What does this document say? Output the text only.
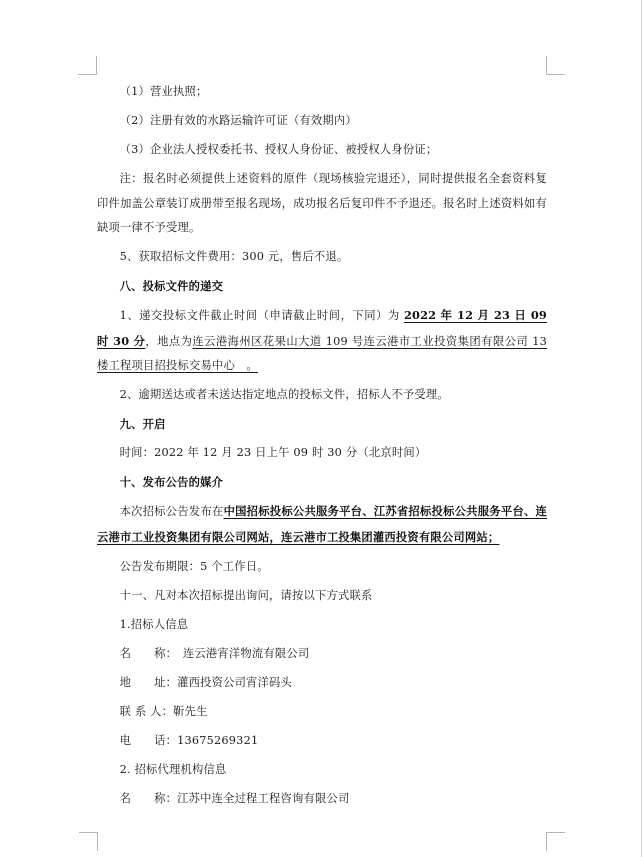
（1）营业执照；

（2）注册有效的水路运输许可证（有效期内）

（3）企业法人授权委托书、授权人身份证、被授权人身份证；

注：报名时必须提供上述资料的原件（现场核验完退还），同时提供报名全套资料复印件加盖公章装订成册带至报名现场，成功报名后复印件不予退还。报名时上述资料如有缺项一律不予受理。

5、获取招标文件费用：300 元，售后不退。

八、投标文件的递交

1、递交投标文件截止时间（申请截止时间，下同）为 2022 年 12 月 23 日 09 时 30 分，地点为连云港海州区花果山大道 109 号连云港市工业投资集团有限公司 13 楼工程项目招投标交易中心　。

2、逾期送达或者未送达指定地点的投标文件，招标人不予受理。

九、开启

时间：2022 年 12 月 23 日上午 09 时 30 分（北京时间）

十、发布公告的媒介

本次招标公告发布在中国招标投标公共服务平台、江苏省招标投标公共服务平台、连云港市工业投资集团有限公司网站，连云港市工投集团灌西投资有限公司网站；

公告发布期限：5 个工作日。

十一、凡对本次招标提出询问，请按以下方式联系

1.招标人信息

名　　称：　连云港宵洋物流有限公司

地　　址：灌西投资公司宵洋码头

联 系 人：靳先生

电　　话：13675269321

2. 招标代理机构信息

名　　称：江苏中连全过程工程咨询有限公司
